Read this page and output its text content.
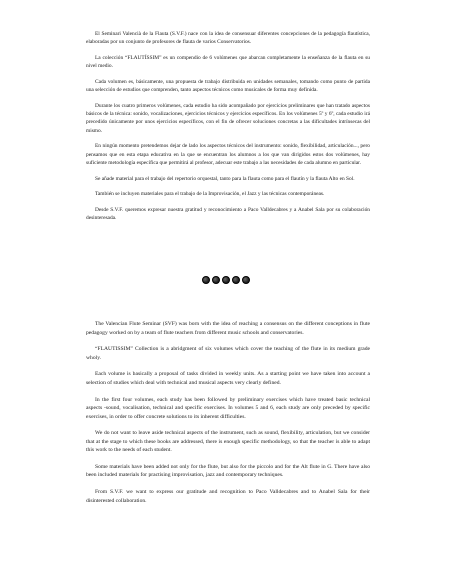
El Seminari Valencià de la Flauta (S.V.F.) nace con la idea de consensuar diferentes concepciones de la pedagogía flautística, elaboradas por un conjunto de profesores de flauta de varios Conservatorios.

La colección “FLAUTÍSSIM” es un compendio de 6 volúmenes que abarcan completamente la enseñanza de la flauta en su nivel medio.

Cada volumen es, básicamente, una propuesta de trabajo distribuida en unidades semanales, tomando como punto de partida una selección de estudios que comprenden, tanto aspectos técnicos como musicales de forma muy definida.

Durante los cuatro primeros volúmenes, cada estudio ha sido acompañado por ejercicios preliminares que han tratado aspectos básicos de la técnica: sonido, vocalizaciones, ejercicios técnicos y ejercicios específicos. En los volúmenes 5º y 6º, cada estudio irá precedido únicamente por unos ejercicios específicos, con el fin de ofrecer soluciones concretas a las dificultades intrínsecas del mismo.

En ningún momento pretendemos dejar de lado los aspectos técnicos del instrumento: sonido, flexibilidad, articulación..., pero pensamos que en esta etapa educativa en la que se encuentran los alumnos a los que van dirigidos estos dos volúmenes, hay suficiente metodología específica que permitirá al profesor, adecuar este trabajo a las necesidades de cada alumno en particular.

Se añade material para el trabajo del repertorio orquestal, tanto para la flauta como para el flautín y la flauta Alto en Sol.

También se incluyen materiales para el trabajo de la Improvisación, el Jazz y las técnicas contemporáneas.

Desde S.V.F. queremos expresar nuestra gratitud y reconocimiento a Paco Valldecabres y a Anabel Sala por su colaboración desinteresada.

The Valencian Flute Seminar (SVF) was born with the idea of reaching a consensus on the different conceptions in flute pedagogy worked on by a team of flute teachers from different music schools and conservatories.

“FLAUTISSIM” Collection is a abridgment of six volumes which cover the teaching of the flute in its medium grade wholy.

Each volume is basically a proposal of tasks divided in weekly units. As a starting point we have taken into account a selection of studies which deal with technical and musical aspects very clearly defined.

In the first four volumes, each study has been followed by preliminary exercises which have treated basic technical aspects -sound, vocalisation, technical and specific exercises. In volumes 5 and 6, each study are only preceded by specific exercises, in order to offer concrete solutions to its inherent difficulties.

We do not want to leave aside technical aspects of the instrument, such as sound, flexibility, articulation, but we consider that at the stage to which these books are addressed, there is enough specific methodology, so that the teacher is able to adapt this work to the needs of each student.

Some materials have been added not only for the flute, but also for the piccolo and for the Alt flute in G. There have also been included materials for practising improvisation, jazz and contemporary techniques.

From S.V.F. we want to express our gratitude and recognition to Paco Valldecabres and to Anabel Sala for their disinterested collaboration.
